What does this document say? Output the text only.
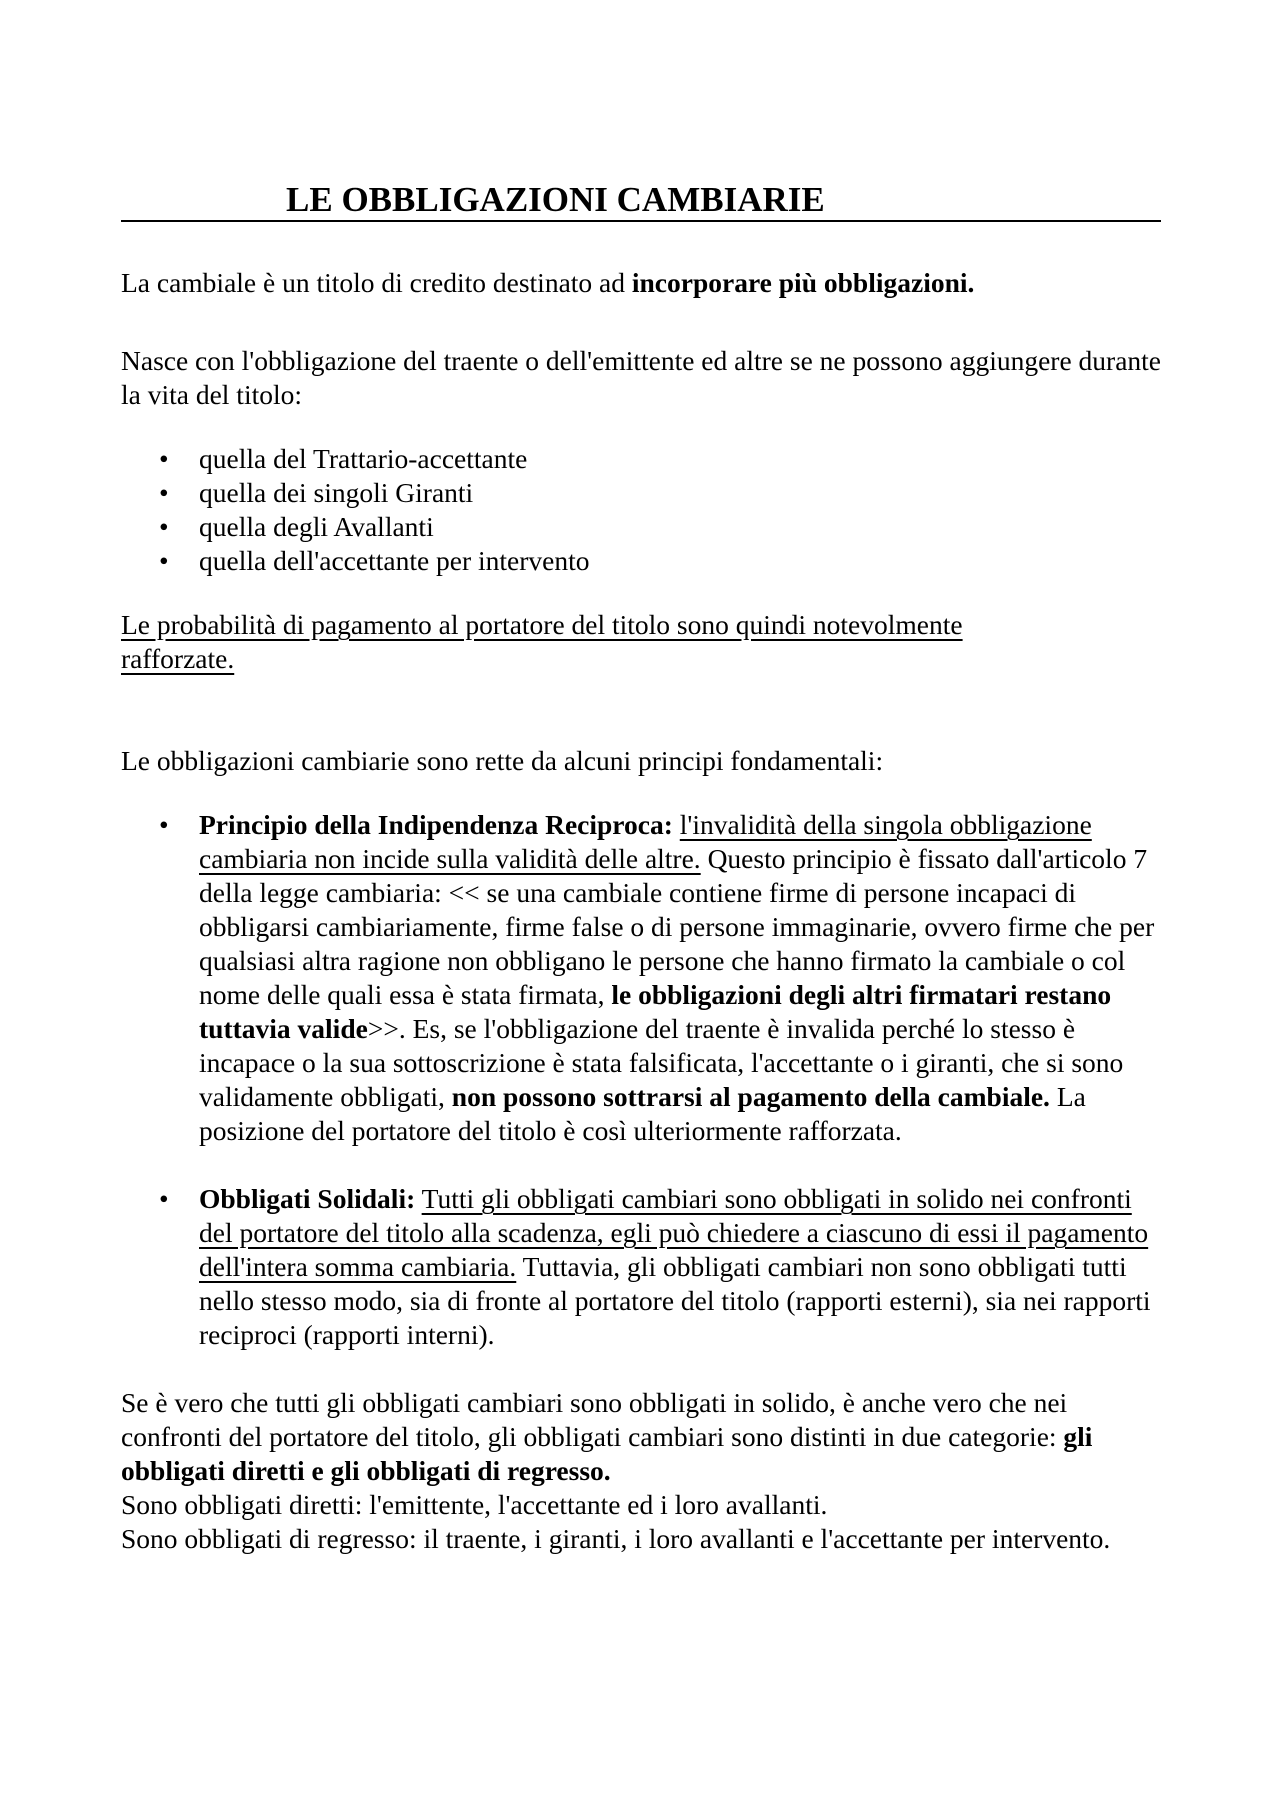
LE OBBLIGAZIONI CAMBIARIE

La cambiale è un titolo di credito destinato ad incorporare più obbligazioni.

Nasce con l'obbligazione del traente o dell'emittente ed altre se ne possono aggiungere durante la vita del titolo:

• quella del Trattario-accettante
• quella dei singoli Giranti
• quella degli Avallanti
• quella dell'accettante per intervento

Le probabilità di pagamento al portatore del titolo sono quindi notevolmente rafforzate.

Le obbligazioni cambiarie sono rette da alcuni principi fondamentali:

• Principio della Indipendenza Reciproca: l'invalidità della singola obbligazione cambiaria non incide sulla validità delle altre. Questo principio è fissato dall'articolo 7 della legge cambiaria: << se una cambiale contiene firme di persone incapaci di obbligarsi cambiariamente, firme false o di persone immaginarie, ovvero firme che per qualsiasi altra ragione non obbligano le persone che hanno firmato la cambiale o col nome delle quali essa è stata firmata, le obbligazioni degli altri firmatari restano tuttavia valide>>. Es, se l'obbligazione del traente è invalida perché lo stesso è incapace o la sua sottoscrizione è stata falsificata, l'accettante o i giranti, che si sono validamente obbligati, non possono sottrarsi al pagamento della cambiale. La posizione del portatore del titolo è così ulteriormente rafforzata.
• Obbligati Solidali: Tutti gli obbligati cambiari sono obbligati in solido nei confronti del portatore del titolo alla scadenza, egli può chiedere a ciascuno di essi il pagamento dell'intera somma cambiaria. Tuttavia, gli obbligati cambiari non sono obbligati tutti nello stesso modo, sia di fronte al portatore del titolo (rapporti esterni), sia nei rapporti reciproci (rapporti interni).

Se è vero che tutti gli obbligati cambiari sono obbligati in solido, è anche vero che nei confronti del portatore del titolo, gli obbligati cambiari sono distinti in due categorie: gli obbligati diretti e gli obbligati di regresso.

Sono obbligati diretti: l'emittente, l'accettante ed i loro avallanti.

Sono obbligati di regresso: il traente, i giranti, i loro avallanti e l'accettante per intervento.
